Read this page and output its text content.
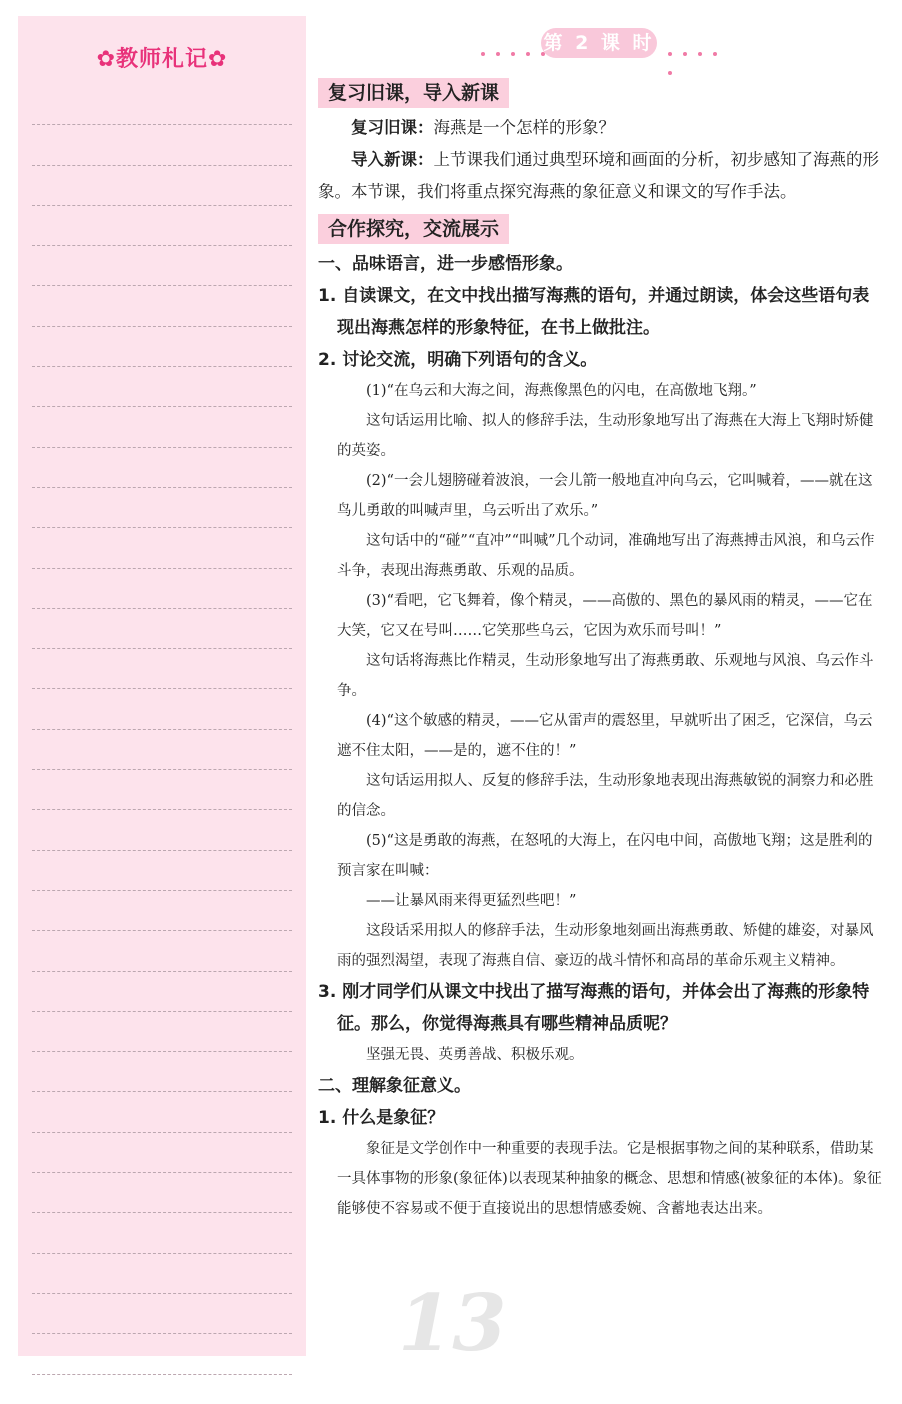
✿教师札记✿
第 2 课 时
复习旧课，导入新课

复习旧课：海燕是一个怎样的形象？

导入新课：上节课我们通过典型环境和画面的分析，初步感知了海燕的形象。本节课，我们将重点探究海燕的象征意义和课文的写作手法。

合作探究，交流展示

一、品味语言，进一步感悟形象。

1. 自读课文，在文中找出描写海燕的语句，并通过朗读，体会这些语句表现出海燕怎样的形象特征，在书上做批注。

2. 讨论交流，明确下列语句的含义。

(1)“在乌云和大海之间，海燕像黑色的闪电，在高傲地飞翔。”

这句话运用比喻、拟人的修辞手法，生动形象地写出了海燕在大海上飞翔时矫健的英姿。

(2)“一会儿翅膀碰着波浪，一会儿箭一般地直冲向乌云，它叫喊着，——就在这鸟儿勇敢的叫喊声里，乌云听出了欢乐。”

这句话中的“碰”“直冲”“叫喊”几个动词，准确地写出了海燕搏击风浪，和乌云作斗争，表现出海燕勇敢、乐观的品质。

(3)“看吧，它飞舞着，像个精灵，——高傲的、黑色的暴风雨的精灵，——它在大笑，它又在号叫……它笑那些乌云，它因为欢乐而号叫！”

这句话将海燕比作精灵，生动形象地写出了海燕勇敢、乐观地与风浪、乌云作斗争。

(4)“这个敏感的精灵，——它从雷声的震怒里，早就听出了困乏，它深信，乌云遮不住太阳，——是的，遮不住的！”

这句话运用拟人、反复的修辞手法，生动形象地表现出海燕敏锐的洞察力和必胜的信念。

(5)“这是勇敢的海燕，在怒吼的大海上，在闪电中间，高傲地飞翔；这是胜利的预言家在叫喊：

——让暴风雨来得更猛烈些吧！”

这段话采用拟人的修辞手法，生动形象地刻画出海燕勇敢、矫健的雄姿，对暴风雨的强烈渴望，表现了海燕自信、豪迈的战斗情怀和高昂的革命乐观主义精神。

3. 刚才同学们从课文中找出了描写海燕的语句，并体会出了海燕的形象特征。那么，你觉得海燕具有哪些精神品质呢？

坚强无畏、英勇善战、积极乐观。

二、理解象征意义。

1. 什么是象征？

象征是文学创作中一种重要的表现手法。它是根据事物之间的某种联系，借助某一具体事物的形象(象征体)以表现某种抽象的概念、思想和情感(被象征的本体)。象征能够使不容易或不便于直接说出的思想情感委婉、含蓄地表达出来。

13
